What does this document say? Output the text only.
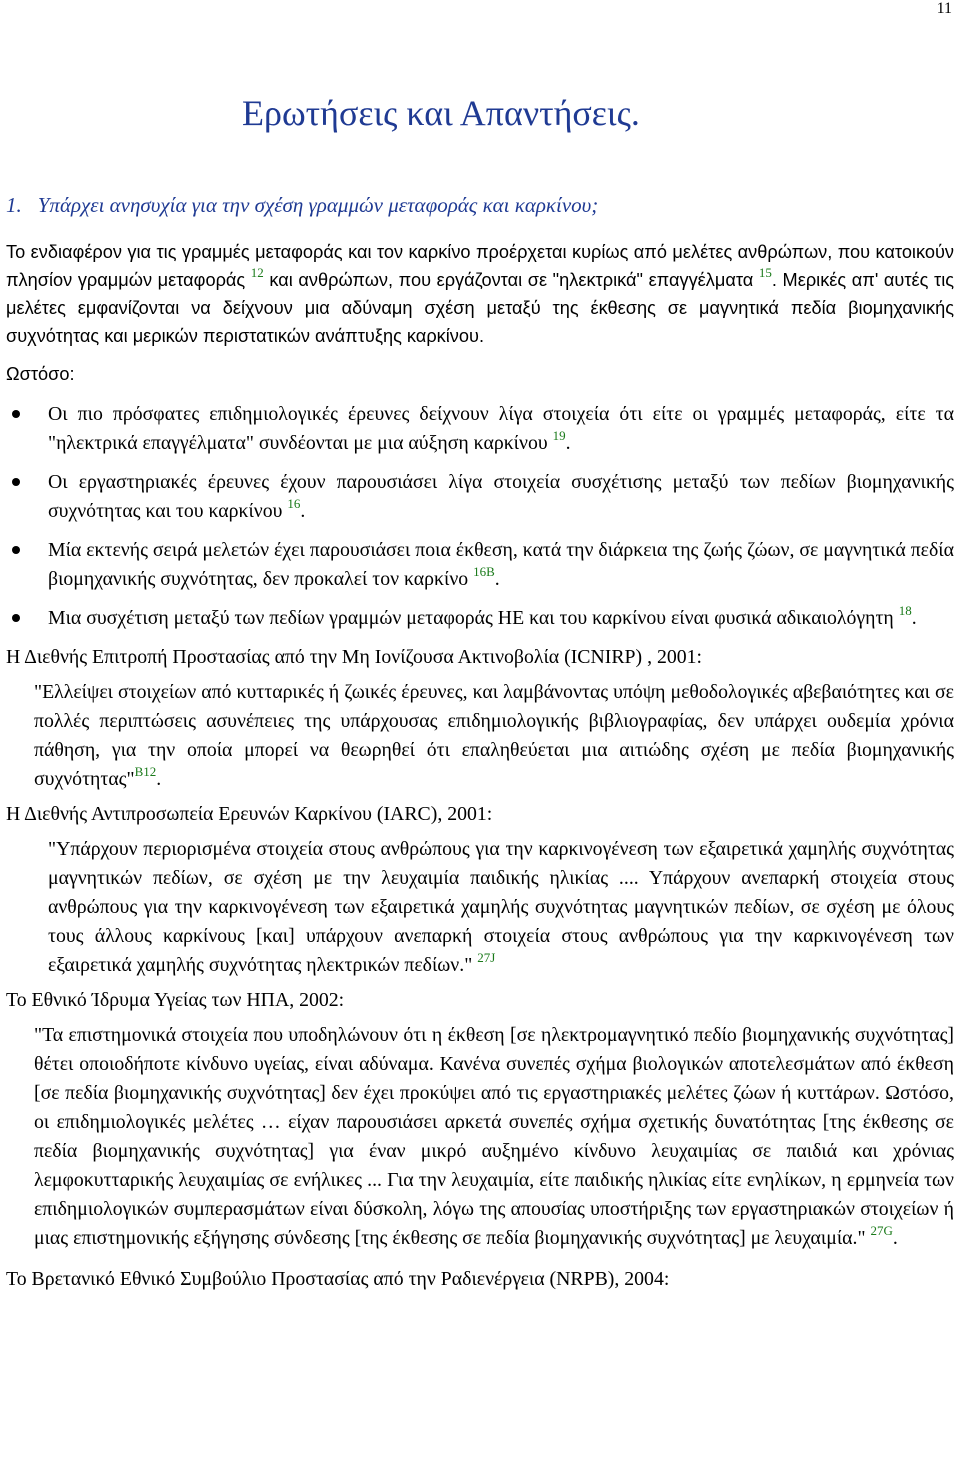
11
Ερωτήσεις και Απαντήσεις.
1. Υπάρχει ανησυχία για την σχέση γραμμών μεταφοράς και καρκίνου;

Το ενδιαφέρον για τις γραμμές μεταφοράς και τον καρκίνο προέρχεται κυρίως από μελέτες ανθρώπων, που κατοικούν πλησίον γραμμών μεταφοράς $^{12}$ και ανθρώπων, που εργάζονται σε "ηλεκτρικά" επαγγέλματα $^{15}$. Μερικές απ' αυτές τις μελέτες εμφανίζονται να δείχνουν μια αδύναμη σχέση μεταξύ της έκθεσης σε μαγνητικά πεδία βιομηχανικής συχνότητας και μερικών περιστατικών ανάπτυξης καρκίνου.

Ωστόσο:

Οι πιο πρόσφατες επιδημιολογικές έρευνες δείχνουν λίγα στοιχεία ότι είτε οι γραμμές μεταφοράς, είτε τα "ηλεκτρικά επαγγέλματα" συνδέονται με μια αύξηση καρκίνου $^{19}$.
Οι εργαστηριακές έρευνες έχουν παρουσιάσει λίγα στοιχεία συσχέτισης μεταξύ των πεδίων βιομηχανικής συχνότητας και του καρκίνου $^{16}$.
Μία εκτενής σειρά μελετών έχει παρουσιάσει ποια έκθεση, κατά την διάρκεια της ζωής ζώων, σε μαγνητικά πεδία βιομηχανικής συχνότητας, δεν προκαλεί τον καρκίνο $^{16B}$.
Μια συσχέτιση μεταξύ των πεδίων γραμμών μεταφοράς ΗΕ και του καρκίνου είναι φυσικά αδικαιολόγητη $^{18}$.

Η Διεθνής Επιτροπή Προστασίας από την Μη Ιονίζουσα Ακτινοβολία (ICNIRP) , 2001:

"Ελλείψει στοιχείων από κυτταρικές ή ζωικές έρευνες, και λαμβάνοντας υπόψη μεθοδολογικές αβεβαιότητες και σε πολλές περιπτώσεις ασυνέπειες της υπάρχουσας επιδημιολογικής βιβλιογραφίας, δεν υπάρχει ουδεμία χρόνια πάθηση, για την οποία μπορεί να θεωρηθεί ότι επαληθεύεται μια αιτιώδης σχέση με πεδία βιομηχανικής συχνότητας"$^{B12}$.

Η Διεθνής Αντιπροσωπεία Ερευνών Καρκίνου (IARC), 2001:

"Υπάρχουν περιορισμένα στοιχεία στους ανθρώπους για την καρκινογένεση των εξαιρετικά χαμηλής συχνότητας μαγνητικών πεδίων, σε σχέση με την λευχαιμία παιδικής ηλικίας .... Υπάρχουν ανεπαρκή στοιχεία στους ανθρώπους για την καρκινογένεση των εξαιρετικά χαμηλής συχνότητας μαγνητικών πεδίων, σε σχέση με όλους τους άλλους καρκίνους [και] υπάρχουν ανεπαρκή στοιχεία στους ανθρώπους για την καρκινογένεση των εξαιρετικά χαμηλής συχνότητας ηλεκτρικών πεδίων." $^{27J}$

Το Εθνικό Ίδρυμα Υγείας των ΗΠΑ, 2002:

"Τα επιστημονικά στοιχεία που υποδηλώνουν ότι η έκθεση [σε ηλεκτρομαγνητικό πεδίο βιομηχανικής συχνότητας] θέτει οποιοδήποτε κίνδυνο υγείας, είναι αδύναμα. Κανένα συνεπές σχήμα βιολογικών αποτελεσμάτων από έκθεση [σε πεδία βιομηχανικής συχνότητας] δεν έχει προκύψει από τις εργαστηριακές μελέτες ζώων ή κυττάρων. Ωστόσο, οι επιδημιολογικές μελέτες … είχαν παρουσιάσει αρκετά συνεπές σχήμα σχετικής δυνατότητας [της έκθεσης σε πεδία βιομηχανικής συχνότητας] για έναν μικρό αυξημένο κίνδυνο λευχαιμίας σε παιδιά και χρόνιας λεμφοκυτταρικής λευχαιμίας σε ενήλικες ... Για την λευχαιμία, είτε παιδικής ηλικίας είτε ενηλίκων, η ερμηνεία των επιδημιολογικών συμπερασμάτων είναι δύσκολη, λόγω της απουσίας υποστήριξης των εργαστηριακών στοιχείων ή μιας επιστημονικής εξήγησης σύνδεσης [της έκθεσης σε πεδία βιομηχανικής συχνότητας] με λευχαιμία." $^{27G}$.

Το Βρετανικό Εθνικό Συμβούλιο Προστασίας από την Ραδιενέργεια (NRPB), 2004:
